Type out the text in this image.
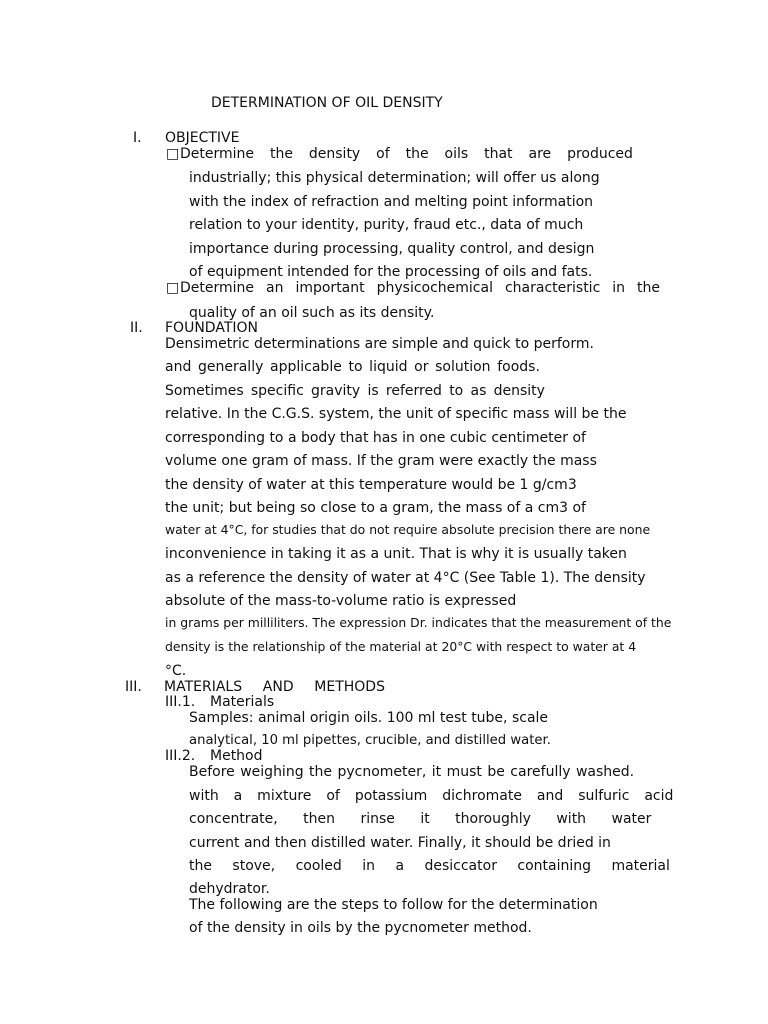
DETERMINATION OF OIL DENSITY
I. OBJECTIVE
□ Determine the density of the oils that are produced
industrially; this physical determination; will offer us along
with the index of refraction and melting point information
relation to your identity, purity, fraud etc., data of much
importance during processing, quality control, and design
of equipment intended for the processing of oils and fats.
□ Determine an important physicochemical characteristic in the
quality of an oil such as its density.
II. FOUNDATION
Densimetric determinations are simple and quick to perform.
and generally applicable to liquid or solution foods.
Sometimes specific gravity is referred to as density
relative. In the C.G.S. system, the unit of specific mass will be the
corresponding to a body that has in one cubic centimeter of
volume one gram of mass. If the gram were exactly the mass
the density of water at this temperature would be 1 g/cm3
the unit; but being so close to a gram, the mass of a cm3 of
water at 4°C, for studies that do not require absolute precision there are none
inconvenience in taking it as a unit. That is why it is usually taken
as a reference the density of water at 4°C (See Table 1). The density
absolute of the mass-to-volume ratio is expressed
in grams per milliliters. The expression Dr. indicates that the measurement of the
density is the relationship of the material at 20°C with respect to water at 4
°C.
III. MATERIALS AND METHODS
III.1. Materials
Samples: animal origin oils. 100 ml test tube, scale
analytical, 10 ml pipettes, crucible, and distilled water.
III.2. Method
Before weighing the pycnometer, it must be carefully washed.
with a mixture of potassium dichromate and sulfuric acid
concentrate, then rinse it thoroughly with water
current and then distilled water. Finally, it should be dried in
the stove, cooled in a desiccator containing material
dehydrator.
The following are the steps to follow for the determination
of the density in oils by the pycnometer method.
